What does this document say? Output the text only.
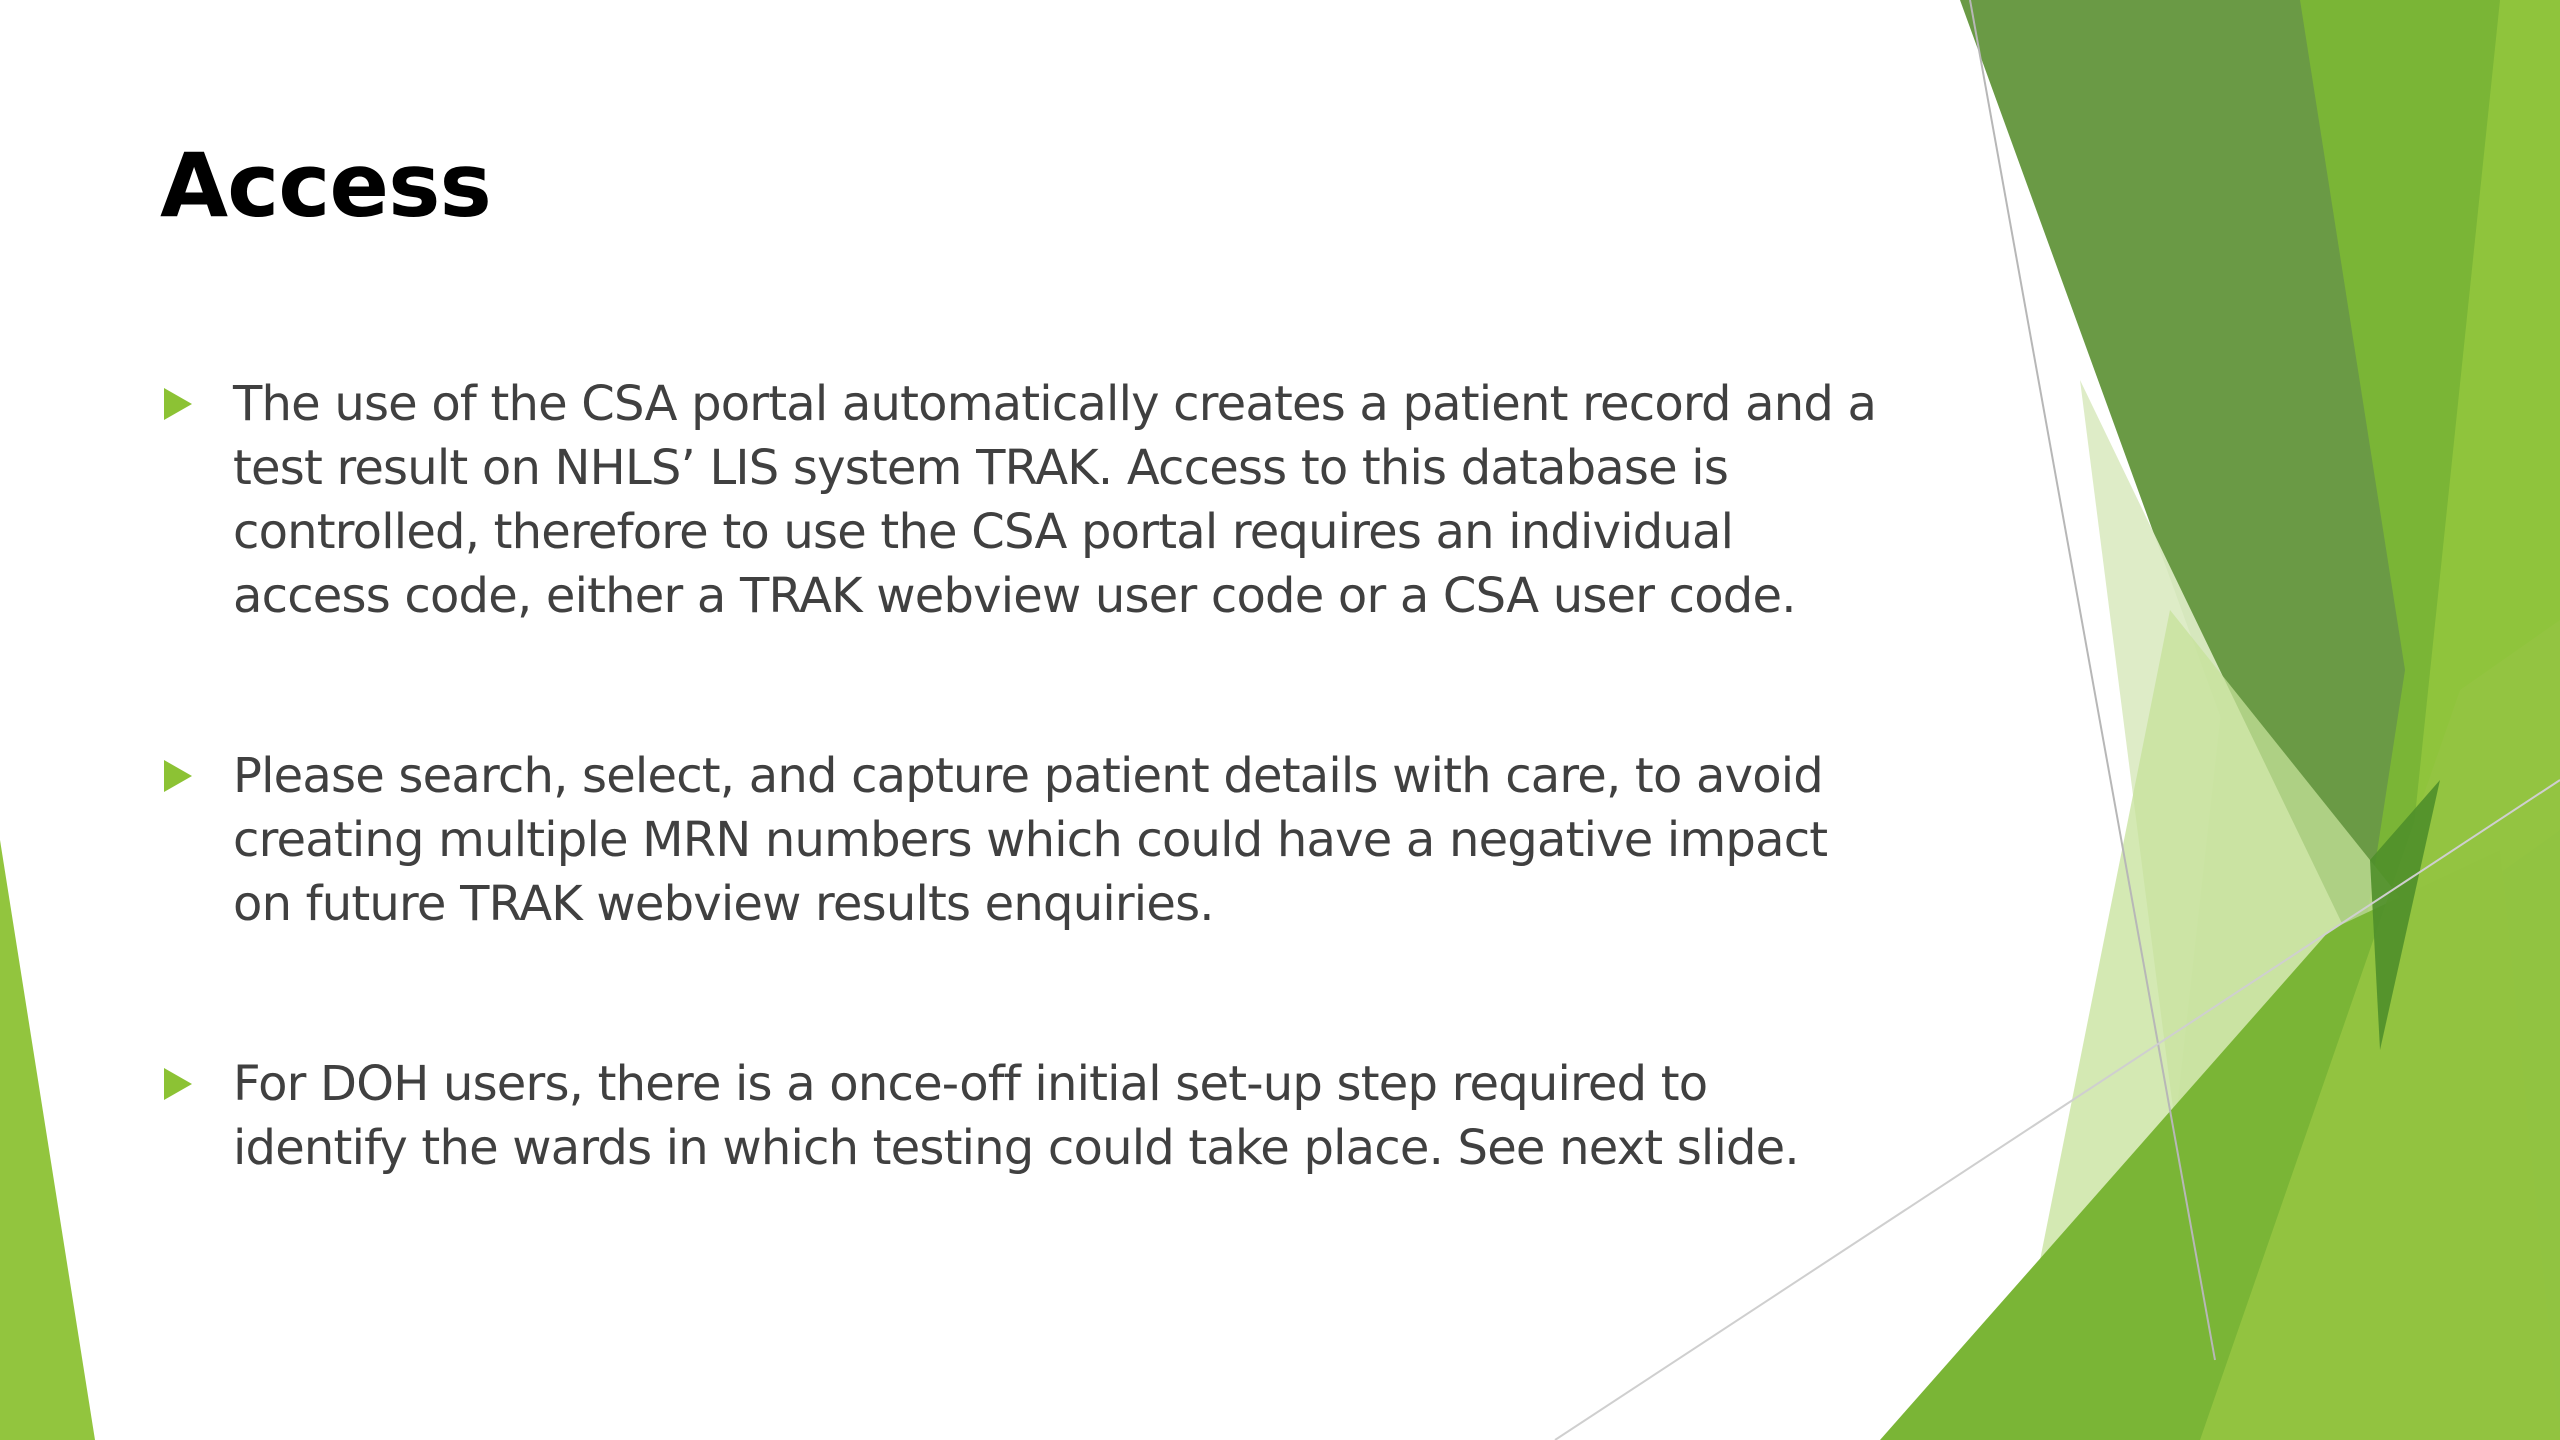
Access
The use of the CSA portal automatically creates a patient record and a
test result on NHLS’ LIS system TRAK. Access to this database is
controlled, therefore to use the CSA portal requires an individual
access code, either a TRAK webview user code or a CSA user code.
Please search, select, and capture patient details with care, to avoid
creating multiple MRN numbers which could have a negative impact
on future TRAK webview results enquiries.
For DOH users, there is a once-off initial set-up step required to
identify the wards in which testing could take place. See next slide.
